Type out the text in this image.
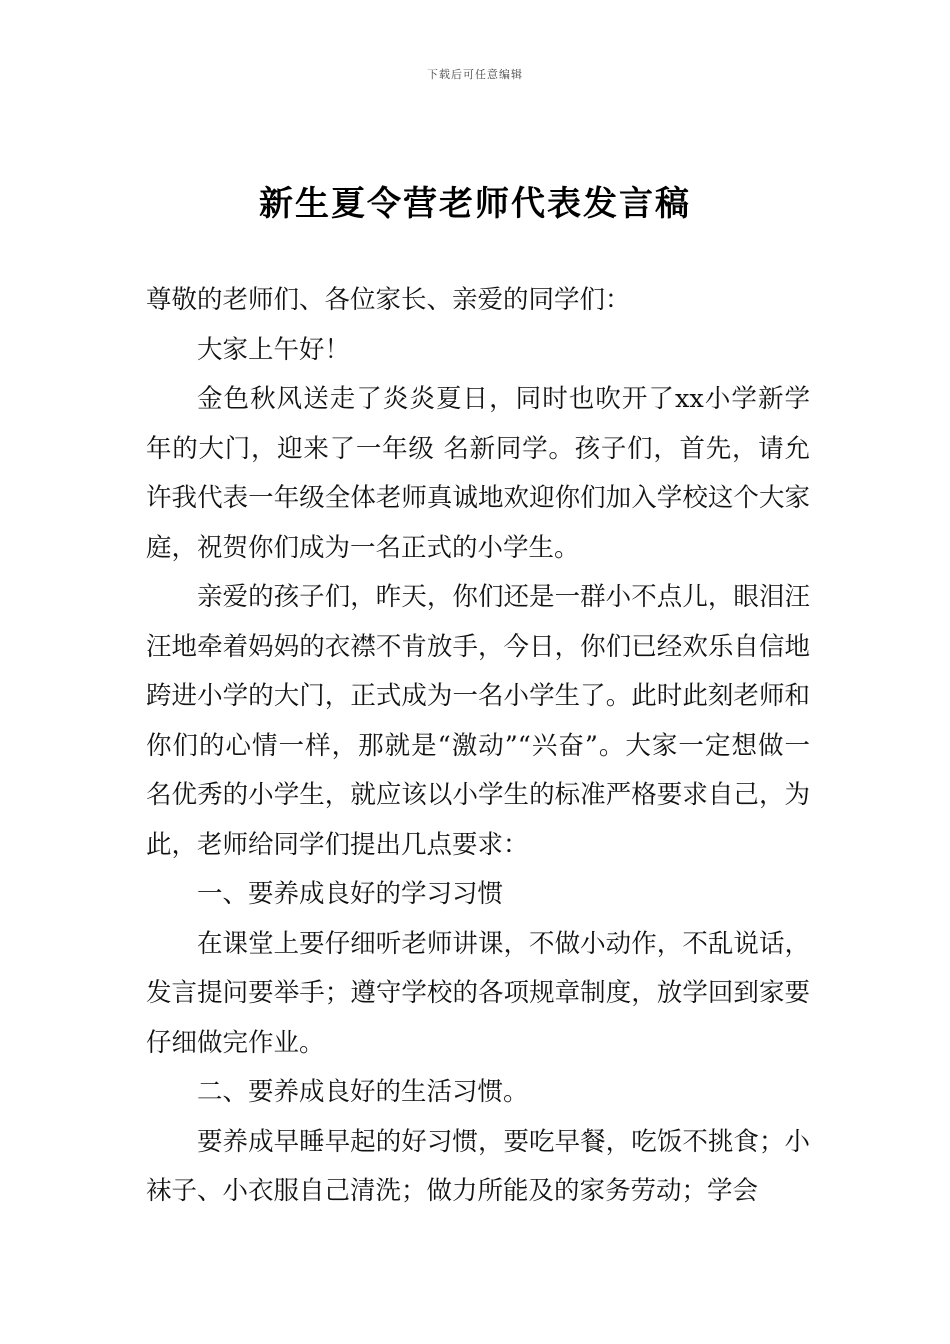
下载后可任意编辑
新生夏令营老师代表发言稿

尊敬的老师们、各位家长、亲爱的同学们：

大家上午好！

金色秋风送走了炎炎夏日，同时也吹开了xx小学新学年的大门，迎来了一年级 名新同学。孩子们，首先，请允许我代表一年级全体老师真诚地欢迎你们加入学校这个大家庭，祝贺你们成为一名正式的小学生。

亲爱的孩子们，昨天，你们还是一群小不点儿，眼泪汪汪地牵着妈妈的衣襟不肯放手，今日，你们已经欢乐自信地跨进小学的大门，正式成为一名小学生了。此时此刻老师和你们的心情一样，那就是“激动”“兴奋”。大家一定想做一名优秀的小学生，就应该以小学生的标准严格要求自己，为此，老师给同学们提出几点要求：

一、要养成良好的学习习惯

在课堂上要仔细听老师讲课，不做小动作，不乱说话，发言提问要举手；遵守学校的各项规章制度，放学回到家要仔细做完作业。

二、要养成良好的生活习惯。

要养成早睡早起的好习惯，要吃早餐，吃饭不挑食；小袜子、小衣服自己清洗；做力所能及的家务劳动；学会
